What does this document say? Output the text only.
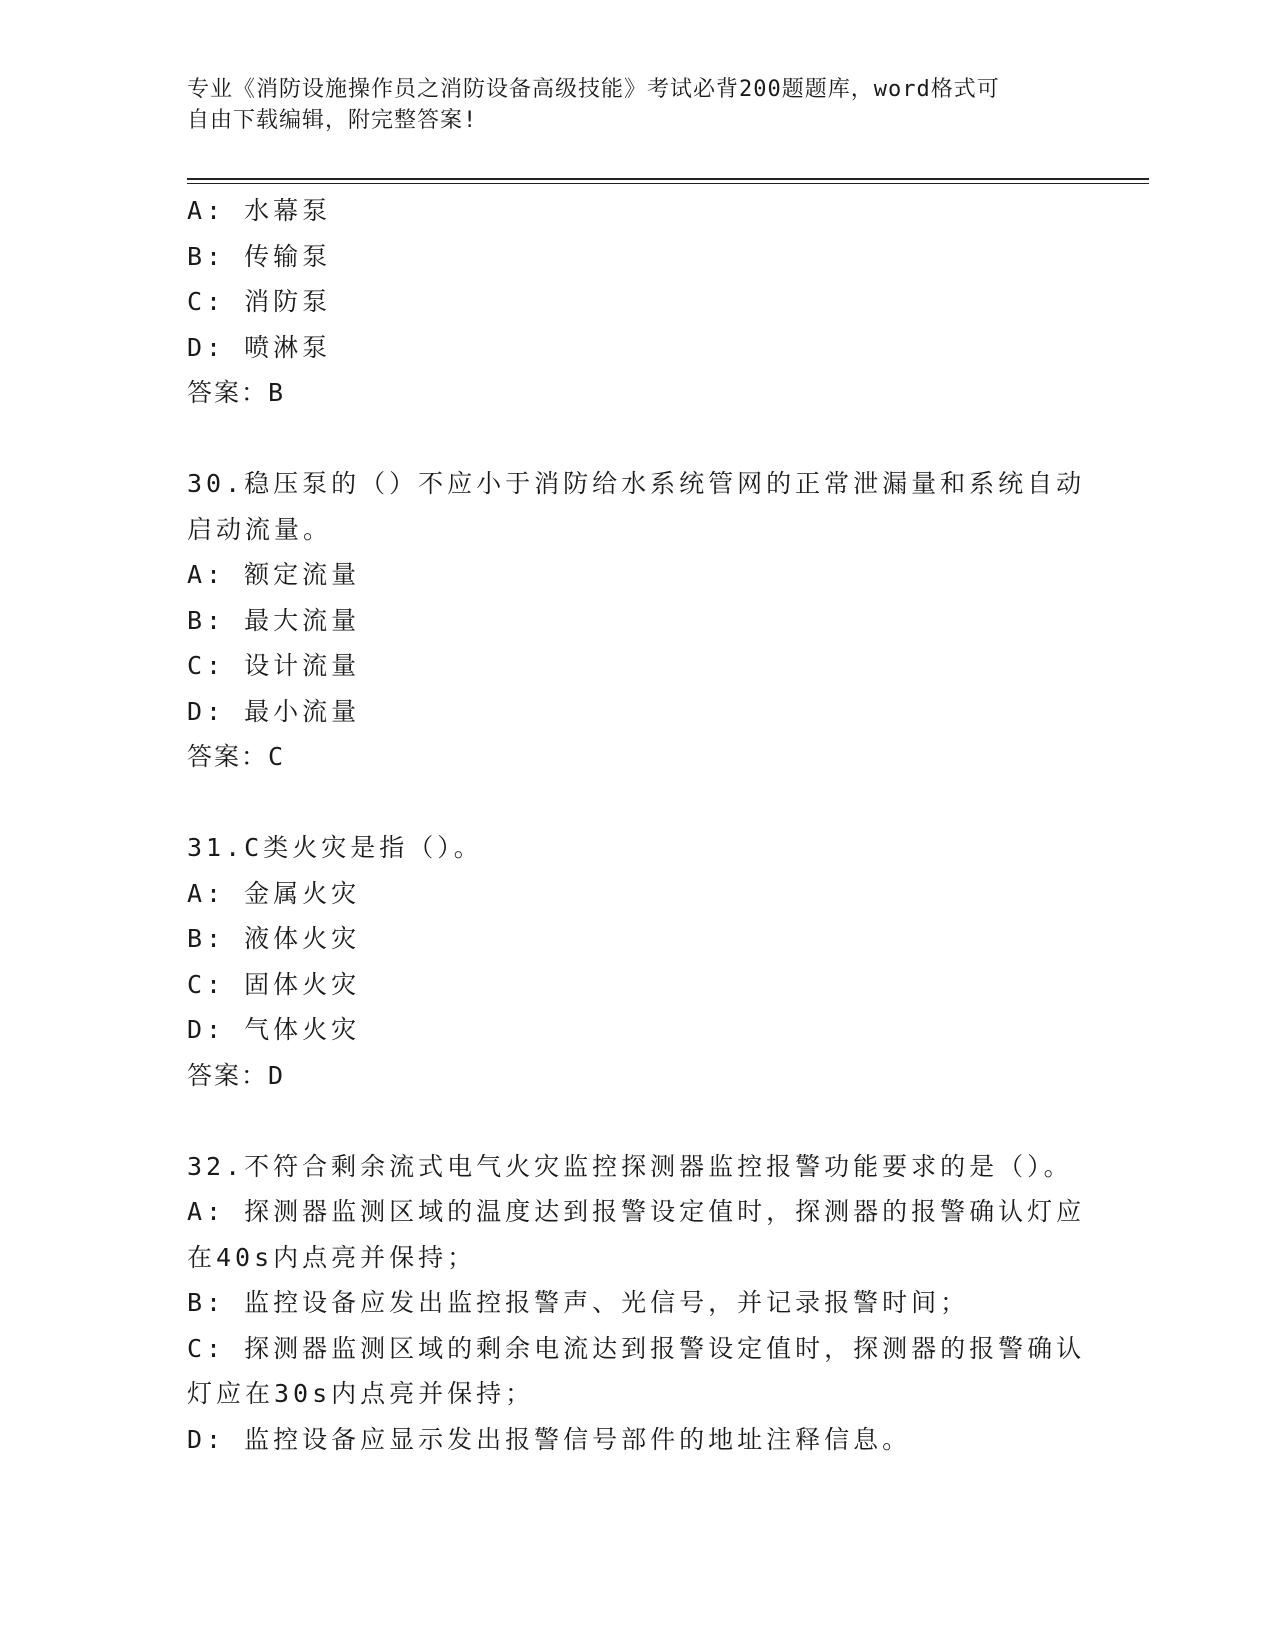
专业《消防设施操作员之消防设备高级技能》考试必背200题题库，word格式可
自由下载编辑，附完整答案!
A: 水幕泵
B: 传输泵
C: 消防泵
D: 喷淋泵
答案：B
30.稳压泵的（）不应小于消防给水系统管网的正常泄漏量和系统自动
启动流量。
A: 额定流量
B: 最大流量
C: 设计流量
D: 最小流量
答案：C
31.C类火灾是指（）。
A: 金属火灾
B: 液体火灾
C: 固体火灾
D: 气体火灾
答案：D
32.不符合剩余流式电气火灾监控探测器监控报警功能要求的是（）。
A: 探测器监测区域的温度达到报警设定值时，探测器的报警确认灯应
在40s内点亮并保持；
B: 监控设备应发出监控报警声、光信号，并记录报警时间；
C: 探测器监测区域的剩余电流达到报警设定值时，探测器的报警确认
灯应在30s内点亮并保持；
D: 监控设备应显示发出报警信号部件的地址注释信息。
